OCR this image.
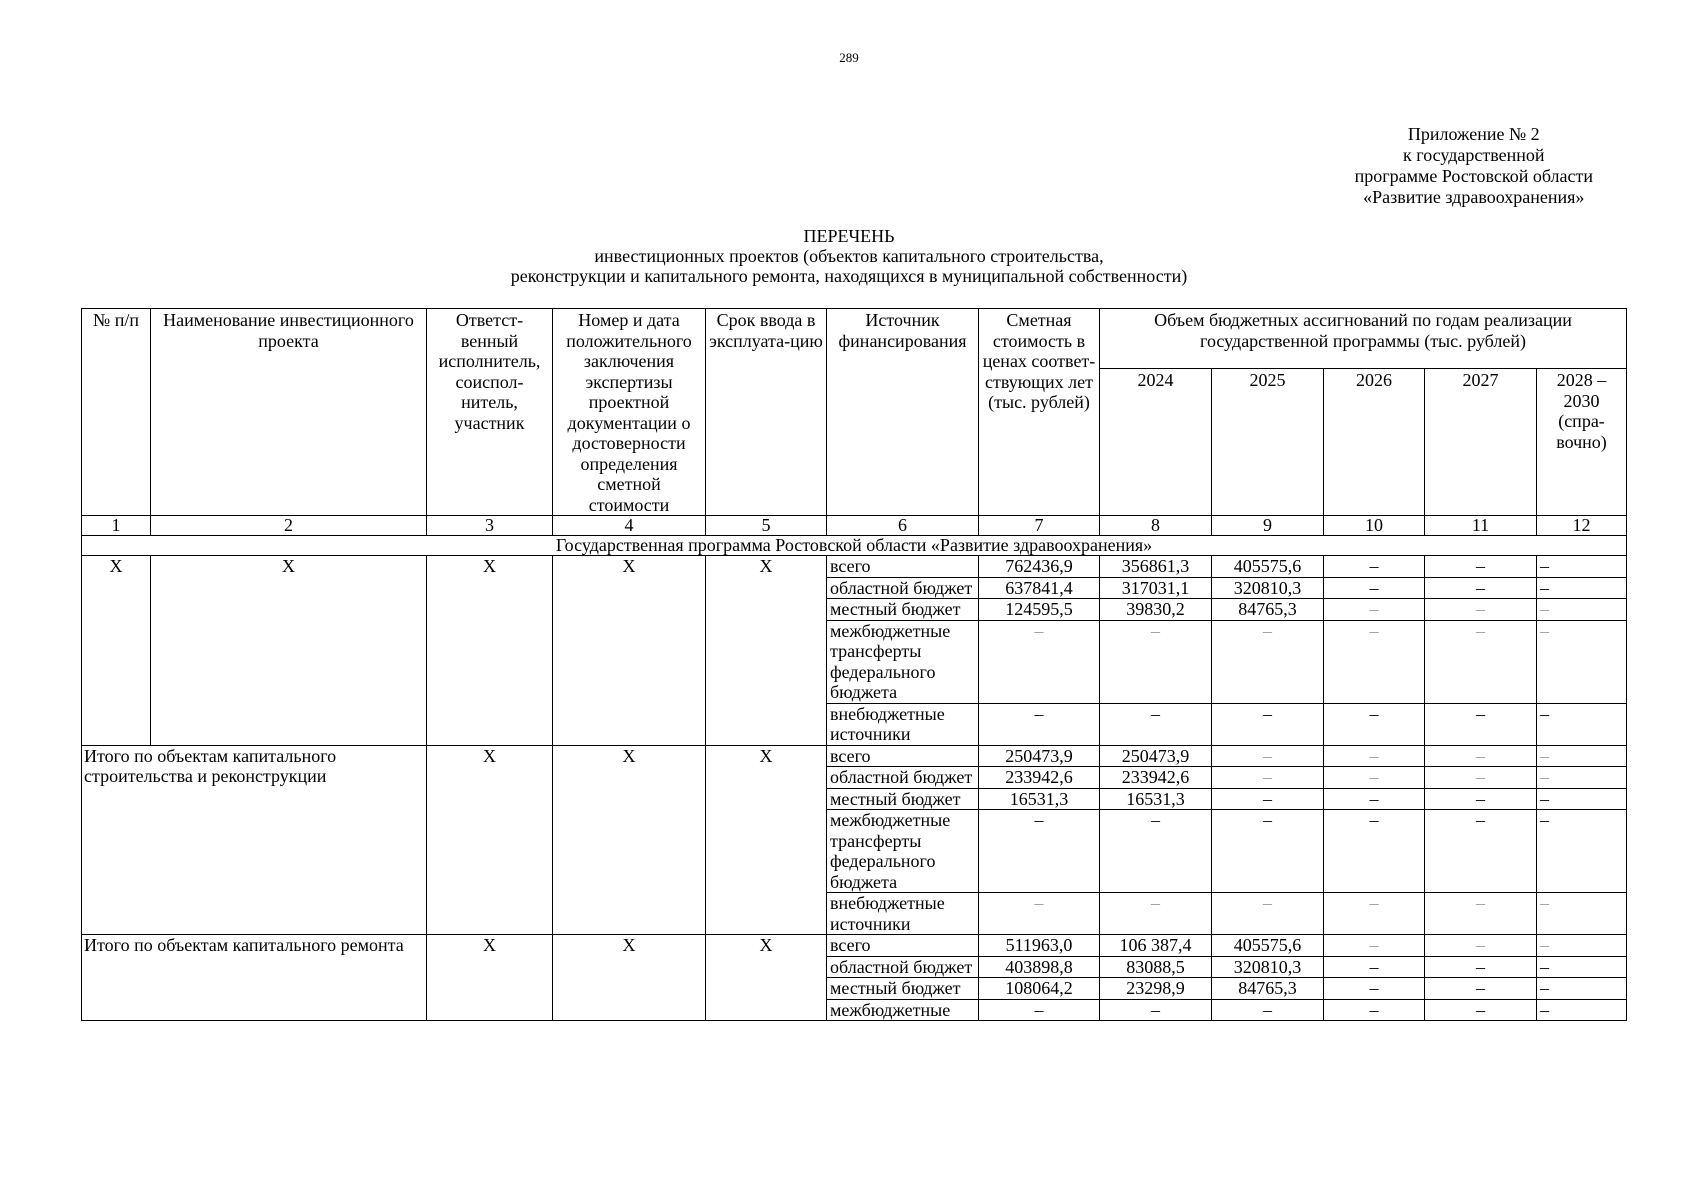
289
Приложение № 2
к государственной
программе Ростовской области
«Развитие здравоохранения»
ПЕРЕЧЕНЬ
инвестиционных проектов (объектов капитального строительства,
реконструкции и капитального ремонта, находящихся в муниципальной собственности)
№ п/п	Наименование инвестиционного проекта	Ответст-венный исполнитель, соиспол-нитель, участник	Номер и дата положительного заключения экспертизы проектной документации о достоверности определения сметной стоимости	Срок ввода в эксплуата-цию	Источник финансирования	Сметная стоимость в ценах соответ-ствующих лет (тыс. рублей)	Объем бюджетных ассигнований по годам реализации государственной программы (тыс. рублей)				
							2024	2025	2026	2027	2028 – 2030 (спра-вочно)
1	2	3	4	5	6	7	8	9	10	11	12
Государственная программа Ростовской области «Развитие здравоохранения»											
X	X	X	X	X	всего	762436,9	356861,3	405575,6	–	–	–
					областной бюджет	637841,4	317031,1	320810,3	–	–	–
					местный бюджет	124595,5	39830,2	84765,3	–	–	–
					межбюджетные трансферты федерального бюджета	–	–	–	–	–	–
					внебюджетные источники	–	–	–	–	–	–
Итого по объектам капитального строительства и реконструкции		X	X	X	всего	250473,9	250473,9	–	–	–	–
					областной бюджет	233942,6	233942,6	–	–	–	–
					местный бюджет	16531,3	16531,3	–	–	–	–
					межбюджетные трансферты федерального бюджета	–	–	–	–	–	–
					внебюджетные источники	–	–	–	–	–	–
Итого по объектам капитального ремонта		X	X	X	всего	511963,0	106 387,4	405575,6	–	–	–
					областной бюджет	403898,8	83088,5	320810,3	–	–	–
					местный бюджет	108064,2	23298,9	84765,3	–	–	–
					межбюджетные	–	–	–	–	–	–
